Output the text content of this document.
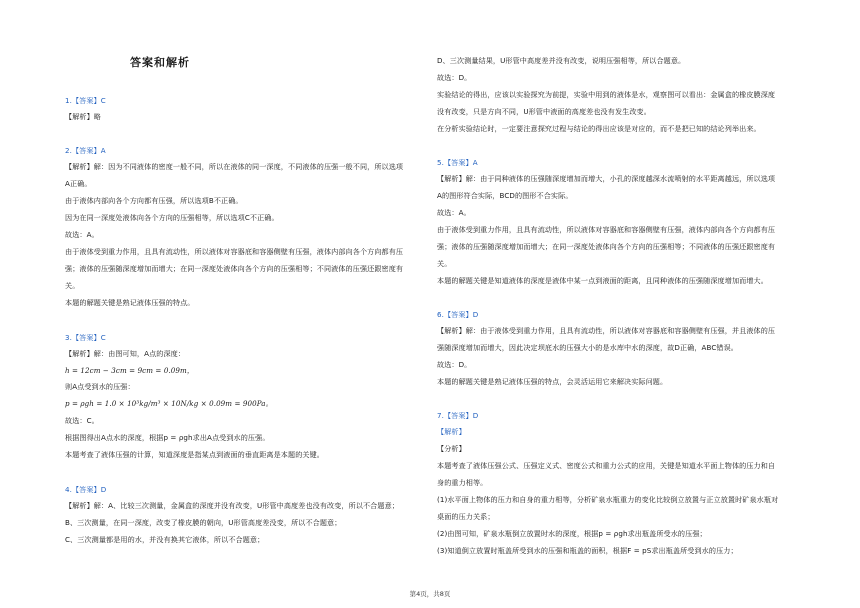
答案和解析
1.【答案】C
【解析】略
2.【答案】A
【解析】解：因为不同液体的密度一般不同，所以在液体的同一深度，不同液体的压强一般不同，所以选项
A正确。
由于液体内部向各个方向都有压强，所以选项B不正确。
因为在同一深度处液体向各个方向的压强相等，所以选项C不正确。
故选：A。
由于液体受到重力作用，且具有流动性，所以液体对容器底和容器侧壁有压强，液体内部向各个方向都有压
强；液体的压强随深度增加而增大；在同一深度处液体向各个方向的压强相等；不同液体的压强还跟密度有
关。
本题的解题关键是熟记液体压强的特点。
3.【答案】C
【解析】解：由图可知，A点的深度：
h = 12cm − 3cm = 9cm = 0.09m，
则A点受到水的压强：
p = ρgh = 1.0 × 10³kg/m³ × 10N/kg × 0.09m = 900Pa。
故选：C。
根据图得出A点水的深度，根据p = ρgh求出A点受到水的压强。
本题考查了液体压强的计算，知道深度是指某点到液面的垂直距离是本题的关键。
4.【答案】D
【解析】解：A、比较三次测量，金属盒的深度并没有改变，U形管中高度差也没有改变，所以不合题意；
B、三次测量，在同一深度，改变了橡皮膜的朝向，U形管高度差没变，所以不合题意；
C、三次测量都是用的水，并没有换其它液体，所以不合题意；
D、三次测量结果，U形管中高度差并没有改变，说明压强相等，所以合题意。
故选：D。
实验结论的得出，应该以实验探究为前提，实验中用到的液体是水，观察图可以看出：金属盒的橡皮膜深度
没有改变，只是方向不同，U形管中液面的高度差也没有发生改变。
在分析实验结论时，一定要注意探究过程与结论的得出应该是对应的，而不是把已知的结论列举出来。
5.【答案】A
【解析】解：由于同种液体的压强随深度增加而增大，小孔的深度越深水流喷射的水平距离越远，所以选项
A的图形符合实际，BCD的图形不合实际。
故选：A。
由于液体受到重力作用，且具有流动性，所以液体对容器底和容器侧壁有压强，液体内部向各个方向都有压
强；液体的压强随深度增加而增大；在同一深度处液体向各个方向的压强相等；不同液体的压强还跟密度有
关。
本题的解题关键是知道液体的深度是液体中某一点到液面的距离，且同种液体的压强随深度增加而增大。
6.【答案】D
【解析】解：由于液体受到重力作用，且具有流动性，所以液体对容器底和容器侧壁有压强，并且液体的压
强随深度增加而增大，因此决定坝底水的压强大小的是水库中水的深度，故D正确，ABC错误。
故选：D。
本题的解题关键是熟记液体压强的特点，会灵活运用它来解决实际问题。
7.【答案】D
【解析】
【分析】
本题考查了液体压强公式、压强定义式、密度公式和重力公式的应用，关键是知道水平面上物体的压力和自
身的重力相等。
(1)水平面上物体的压力和自身的重力相等，分析矿泉水瓶重力的变化比较倒立放置与正立放置时矿泉水瓶对
桌面的压力关系；
(2)由图可知，矿泉水瓶倒立放置时水的深度，根据p = ρgh求出瓶盖所受水的压强；
(3)知道倒立放置时瓶盖所受到水的压强和瓶盖的面积，根据F = pS求出瓶盖所受到水的压力；
第4页，共8页
